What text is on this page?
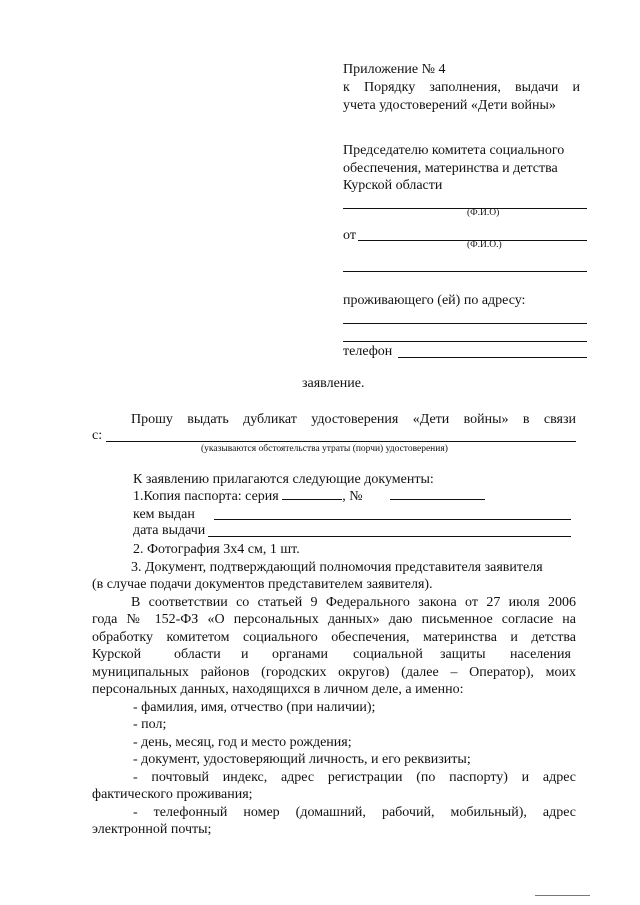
Приложение № 4
к Порядку заполнения, выдачи и
учета удостоверений «Дети войны»
Председателю комитета социального
обеспечения, материнства и детства
Курской области
(Ф.И.О)
от
(Ф.И.О.)
проживающего (ей) по адресу:
телефон
заявление.
Прошу выдать дубликат удостоверения «Дети войны» в связи
с:
(указываются обстоятельства утраты (порчи) удостоверения)
К заявлению прилагаются следующие документы:
1.Копия паспорта: серия	, №
кем выдан
дата выдачи
2. Фотография 3х4 см, 1 шт.
3. Документ, подтверждающий полномочия представителя заявителя
(в случае подачи документов представителем заявителя).
В соответствии со статьей 9 Федерального закона от 27 июля 2006
года № 152-ФЗ «О персональных данных» даю письменное согласие на
обработку комитетом социального обеспечения, материнства и детства
Курской области и органами социальной защиты населения
муниципальных районов (городских округов) (далее – Оператор), моих
персональных данных, находящихся в личном деле, а именно:
- фамилия, имя, отчество (при наличии);
- пол;
- день, месяц, год и место рождения;
- документ, удостоверяющий личность, и его реквизиты;
- почтовый индекс, адрес регистрации (по паспорту) и адрес
фактического проживания;
- телефонный номер (домашний, рабочий, мобильный), адрес
электронной почты;
